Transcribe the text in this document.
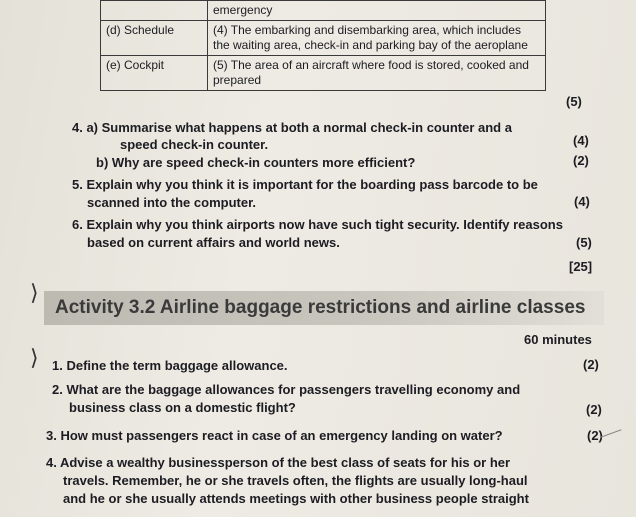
	emergency
(d) Schedule	(4) The embarking and disembarking area, which includes the waiting area, check-in and parking bay of the aeroplane
(e) Cockpit	(5) The area of an aircraft where food is stored, cooked and prepared
(5)
4. a) Summarise what happens at both a normal check-in counter and a
speed check-in counter.	(4)
b) Why are speed check-in counters more efficient?	(2)
5. Explain why you think it is important for the boarding pass barcode to be
scanned into the computer.	(4)
6. Explain why you think airports now have such tight security. Identify reasons
based on current affairs and world news.	(5)
[25]
⟩
Activity 3.2 Airline baggage restrictions and airline classes
60 minutes
⟩ 1. Define the term baggage allowance.	(2)
2. What are the baggage allowances for passengers travelling economy and
business class on a domestic flight?	(2)
3. How must passengers react in case of an emergency landing on water?	(2)
4. Advise a wealthy businessperson of the best class of seats for his or her
travels. Remember, he or she travels often, the flights are usually long-haul
and he or she usually attends meetings with other business people straight
